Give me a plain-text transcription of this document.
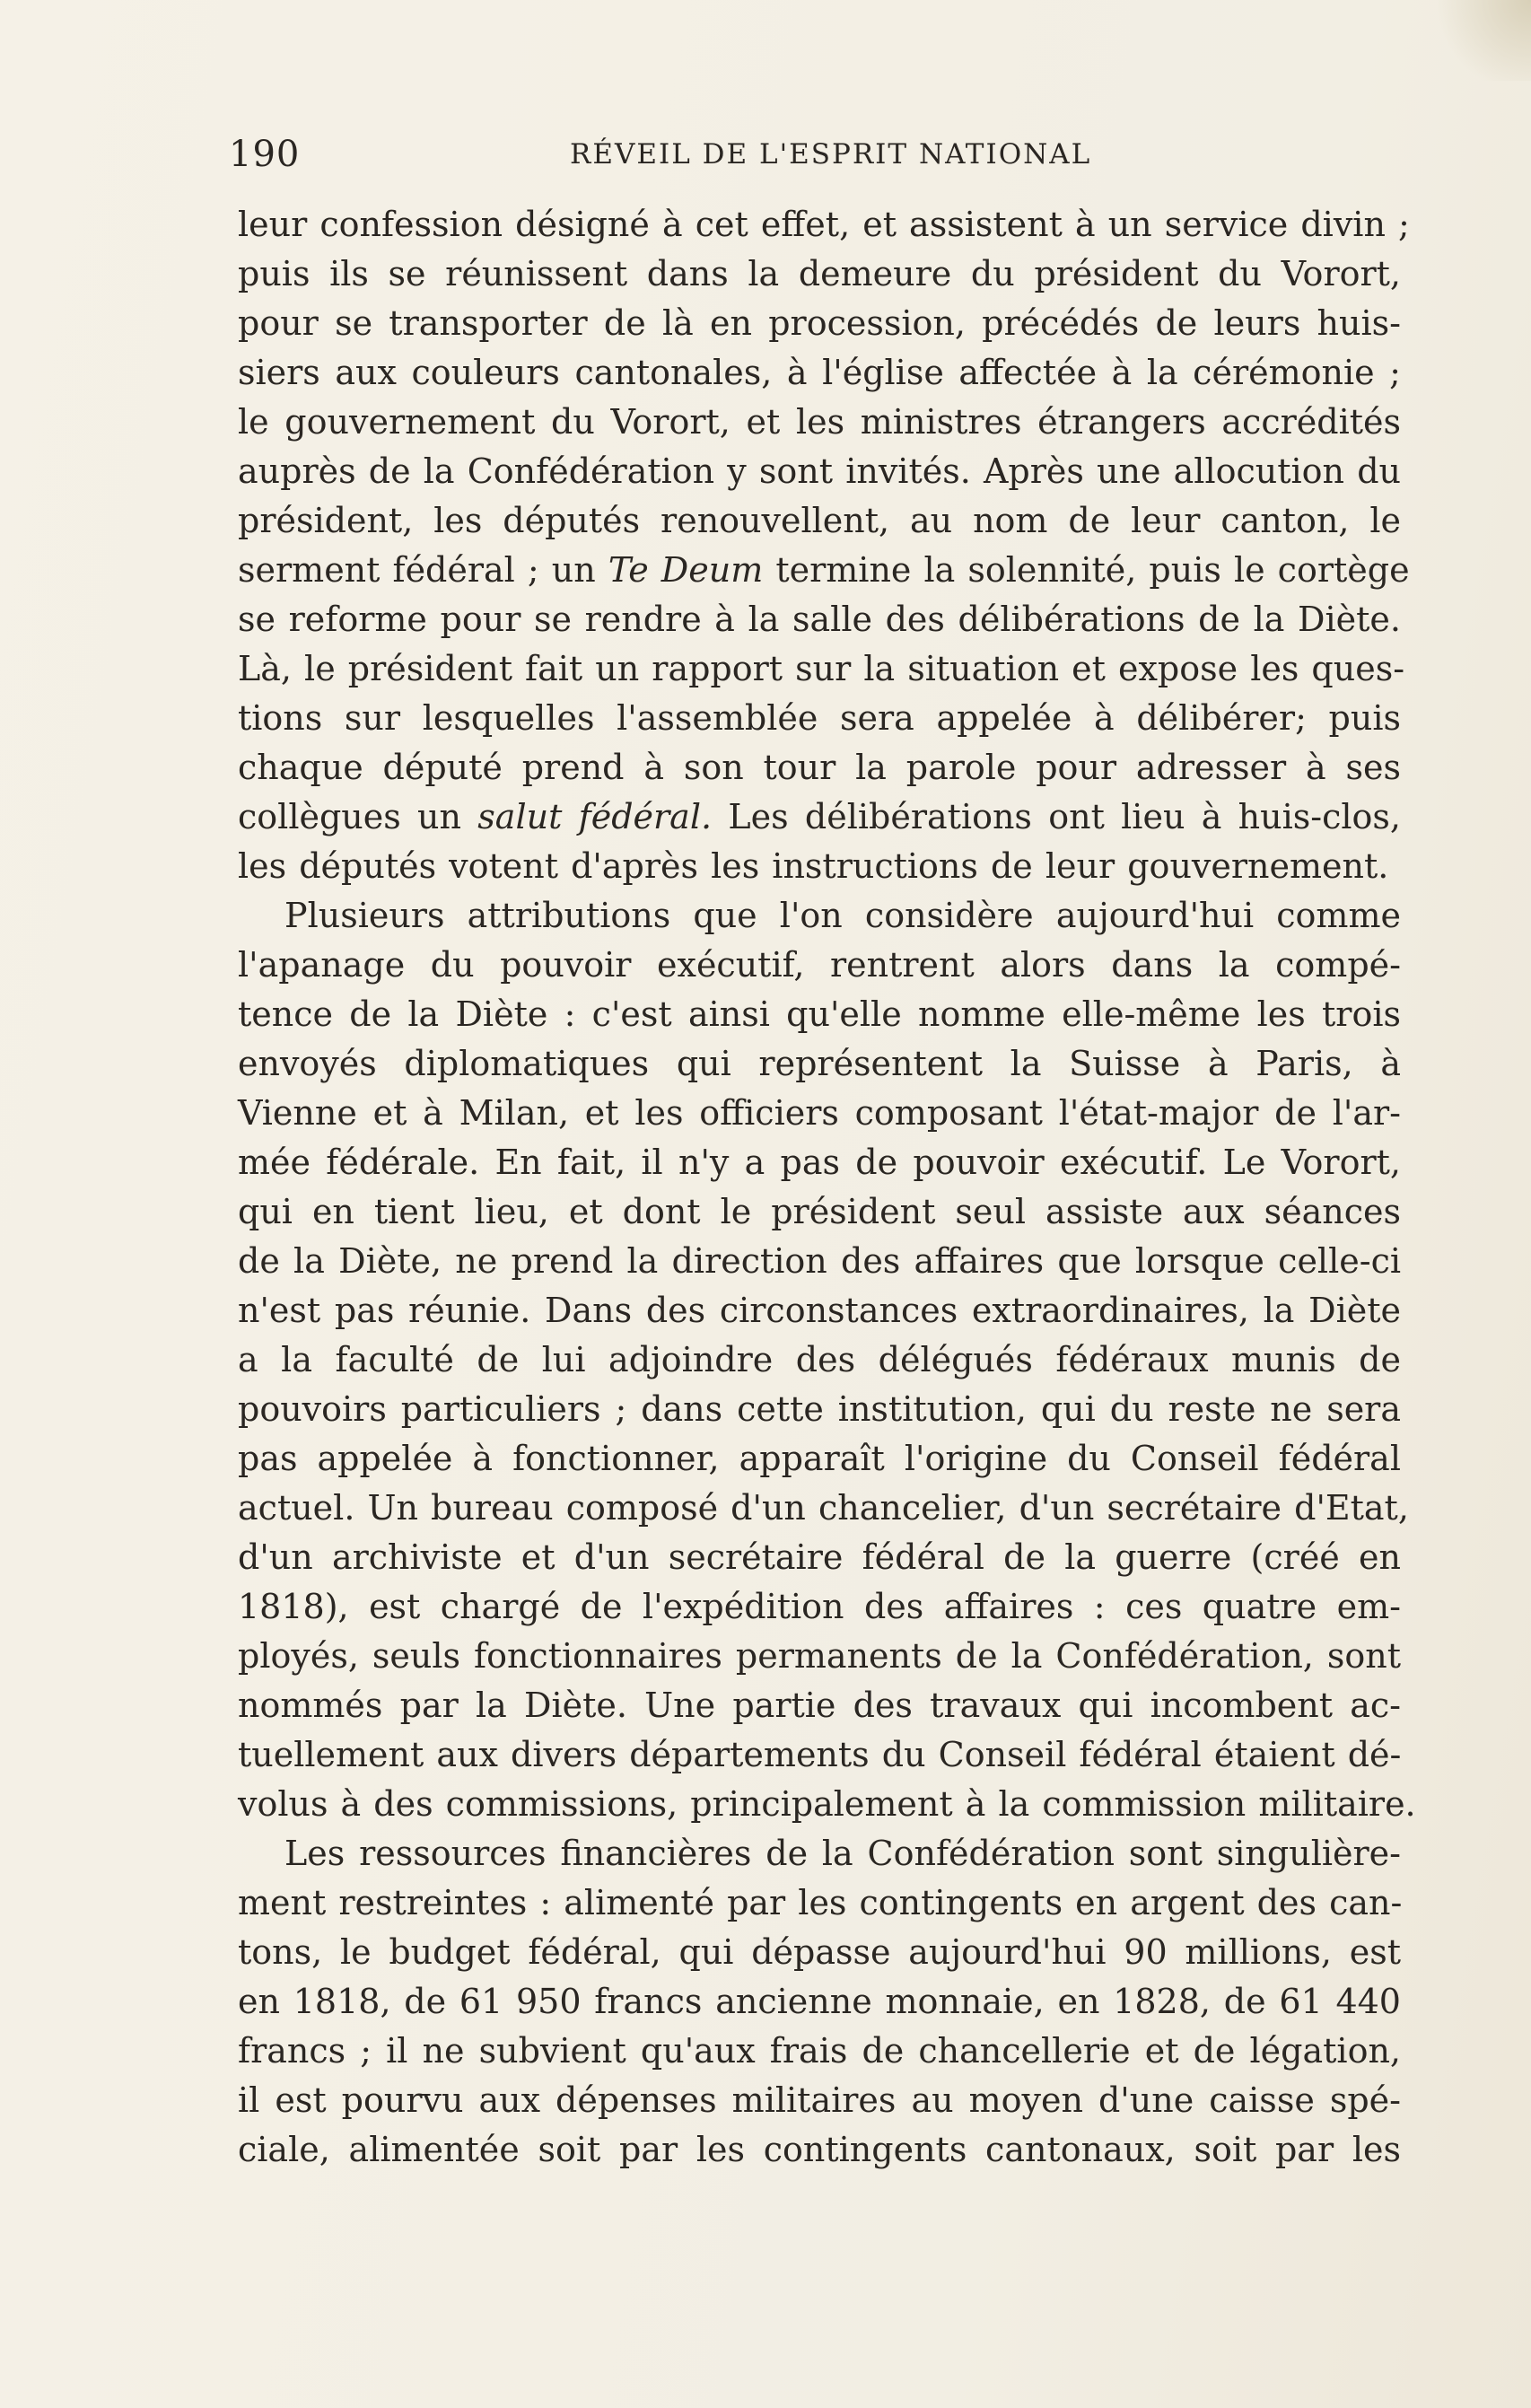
190	RÉVEIL DE L'ESPRIT NATIONAL
leur confession désigné à cet effet, et assistent à un service divin ;
puis ils se réunissent dans la demeure du président du Vorort,
pour se transporter de là en procession, précédés de leurs huis-
siers aux couleurs cantonales, à l'église affectée à la cérémonie ;
le gouvernement du Vorort, et les ministres étrangers accrédités
auprès de la Confédération y sont invités. Après une allocution du
président, les députés renouvellent, au nom de leur canton, le
serment fédéral ; un Te Deum termine la solennité, puis le cortège
se reforme pour se rendre à la salle des délibérations de la Diète.
Là, le président fait un rapport sur la situation et expose les ques-
tions sur lesquelles l'assemblée sera appelée à délibérer; puis
chaque député prend à son tour la parole pour adresser à ses
collègues un salut fédéral. Les délibérations ont lieu à huis-clos,
les députés votent d'après les instructions de leur gouvernement.
Plusieurs attributions que l'on considère aujourd'hui comme
l'apanage du pouvoir exécutif, rentrent alors dans la compé-
tence de la Diète : c'est ainsi qu'elle nomme elle-même les trois
envoyés diplomatiques qui représentent la Suisse à Paris, à
Vienne et à Milan, et les officiers composant l'état-major de l'ar-
mée fédérale. En fait, il n'y a pas de pouvoir exécutif. Le Vorort,
qui en tient lieu, et dont le président seul assiste aux séances
de la Diète, ne prend la direction des affaires que lorsque celle-ci
n'est pas réunie. Dans des circonstances extraordinaires, la Diète
a la faculté de lui adjoindre des délégués fédéraux munis de
pouvoirs particuliers ; dans cette institution, qui du reste ne sera
pas appelée à fonctionner, apparaît l'origine du Conseil fédéral
actuel. Un bureau composé d'un chancelier, d'un secrétaire d'Etat,
d'un archiviste et d'un secrétaire fédéral de la guerre (créé en
1818), est chargé de l'expédition des affaires : ces quatre em-
ployés, seuls fonctionnaires permanents de la Confédération, sont
nommés par la Diète. Une partie des travaux qui incombent ac-
tuellement aux divers départements du Conseil fédéral étaient dé-
volus à des commissions, principalement à la commission militaire.
Les ressources financières de la Confédération sont singulière-
ment restreintes : alimenté par les contingents en argent des can-
tons, le budget fédéral, qui dépasse aujourd'hui 90 millions, est
en 1818, de 61 950 francs ancienne monnaie, en 1828, de 61 440
francs ; il ne subvient qu'aux frais de chancellerie et de légation,
il est pourvu aux dépenses militaires au moyen d'une caisse spé-
ciale, alimentée soit par les contingents cantonaux, soit par les
